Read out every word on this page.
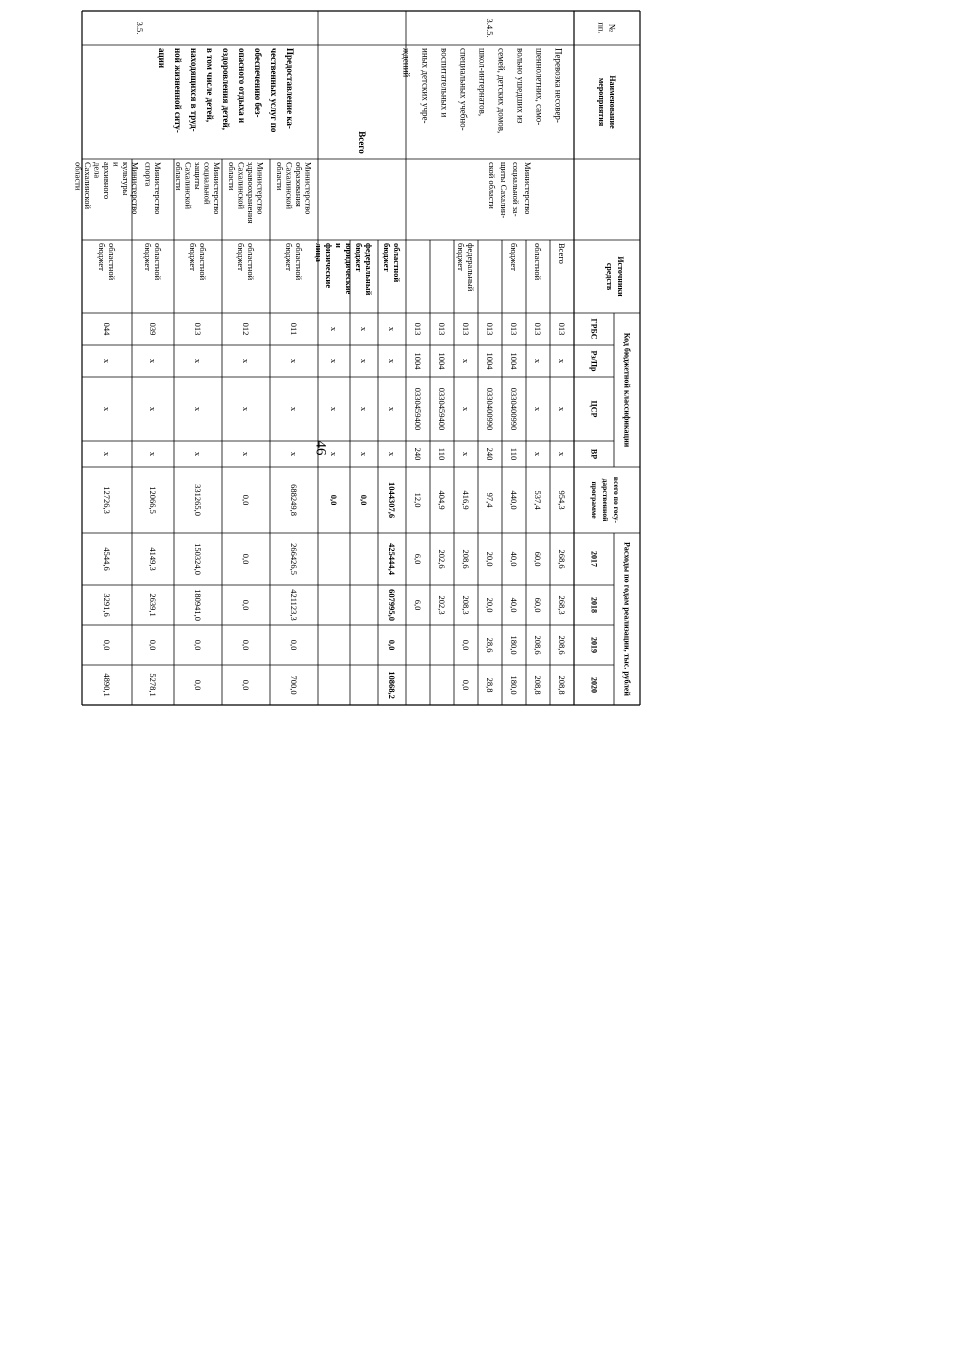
46
№
пп.
Наименование
мероприятия
Источники
средств
Код бюджетной классификации
ГРБС
Рз/Пр
ЦСР
ВР
всего по госу-
дарственной
программе
Расходы по годам реализации, тыс. рублей
2017
2018
2019
2020
Всего
013
х
х
х
954,3
268,6
268,3
208,6
208,8
областной
013
х
х
х
537,4
60,0
60,0
208,6
208,8
бюджет
013
1004
0330400990
110
440,0
40,0
40,0
180,0
180,0
013
1004
0330400990
240
97,4
20,0
20,0
28,6
28,8
федеральный
бюджет
013
х
х
х
416,9
208,6
208,3
0,0
0,0
013
1004
0330459400
110
404,9
202,6
202,3
013
1004
0330459400
240
12,0
6,0
6,0
областной
бюджет
х
х
х
х
1044307,6
425444,4
607995,0
0,0
10868,2
федеральный
бюджет
х
х
х
х
0,0
юридические
и
физические
лица
х
х
х
х
0,0
областной
бюджет
011
х
х
х
688249,8
266426,5
421123,3
0,0
700,0
Министерство
образования
Сахалинской
области
областной
бюджет
012
х
х
х
0,0
0,0
0,0
0,0
0,0
Министерство
здравоохранения
Сахалинской
области
областной
бюджет
013
х
х
х
331265,0
150324,0
180941,0
0,0
0,0
Министерство
социальной
защиты
Сахалинской
области
областной
бюджет
039
х
х
х
12066,5
4149,3
2639,1
0,0
5278,1
Министерство
спорта
областной
бюджет
044
х
х
х
12726,3
4544,6
3291,6
0,0
4890,1
Министерство
культуры
и
архивного
дела
Сахалинской
области
3.4.5.
Перевозка несовер-
шеннолетних, само-
вольно ушедших из
семей, детских домов,
школ-интернатов,
специальных учебно-
воспитательных и
иных детских учре-
ждений
Министерство
социальной за-
щиты Сахалин-
ской области
Всего
3.5.
Предоставление ка-
чественных услуг по
обеспечению без-
опасного отдыха и
оздоровления детей,
в том числе детей,
находящихся в труд-
ной жизненной ситу-
ации
